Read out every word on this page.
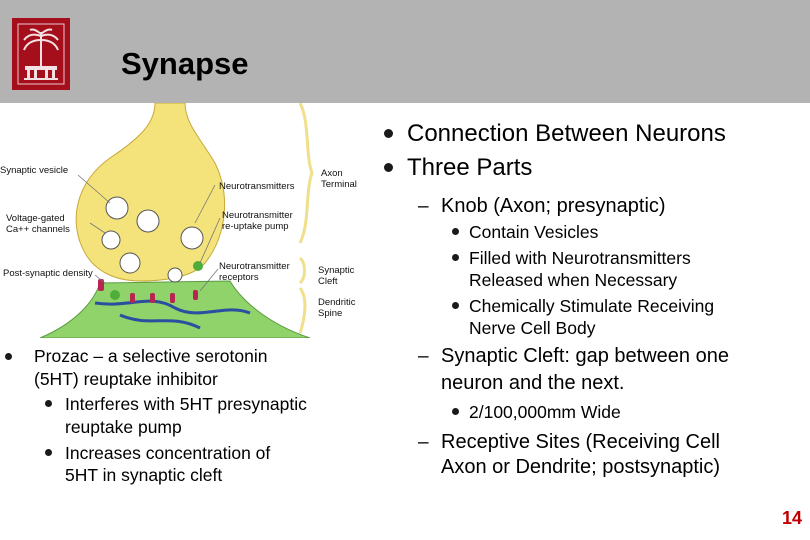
Synapse
Synaptic vesicle
Voltage-gated
Ca++ channels
Post-synaptic density
Neurotransmitters
Neurotransmitter
re-uptake pump
Neurotransmitter
receptors
Axon
Terminal
Synaptic
Cleft
Dendritic
Spine
Connection Between Neurons
Three Parts
– Knob (Axon; presynaptic)
Contain Vesicles
Filled with Neurotransmitters
Released when Necessary
Chemically Stimulate Receiving
Nerve Cell Body
– Synaptic Cleft: gap between one
neuron and the next.
2/100,000mm Wide
– Receptive Sites (Receiving Cell
Axon or Dendrite; postsynaptic)
Prozac – a selective serotonin
(5HT) reuptake inhibitor
Interferes with 5HT presynaptic
reuptake pump
Increases concentration of
5HT in synaptic cleft
14
